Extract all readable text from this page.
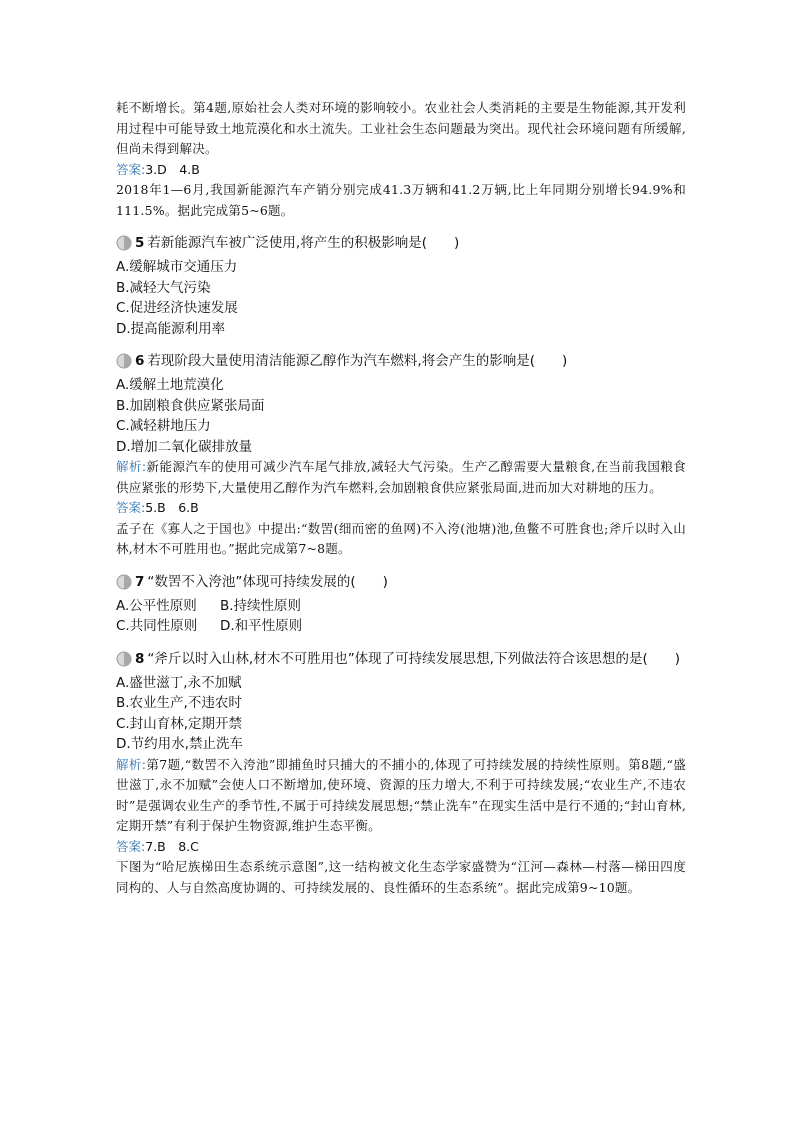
耗不断增长。第4题,原始社会人类对环境的影响较小。农业社会人类消耗的主要是生物能源,其开发利用过程中可能导致土地荒漠化和水土流失。工业社会生态问题最为突出。现代社会环境问题有所缓解,但尚未得到解决。

答案:3.D　4.B

2018年1—6月,我国新能源汽车产销分别完成41.3万辆和41.2万辆,比上年同期分别增长94.9%和111.5%。据此完成第5~6题。

5 若新能源汽车被广泛使用,将产生的积极影响是(　　)

A.缓解城市交通压力

B.减轻大气污染

C.促进经济快速发展

D.提高能源利用率

6 若现阶段大量使用清洁能源乙醇作为汽车燃料,将会产生的影响是(　　)

A.缓解土地荒漠化

B.加剧粮食供应紧张局面

C.减轻耕地压力

D.增加二氧化碳排放量

解析:新能源汽车的使用可减少汽车尾气排放,减轻大气污染。生产乙醇需要大量粮食,在当前我国粮食供应紧张的形势下,大量使用乙醇作为汽车燃料,会加剧粮食供应紧张局面,进而加大对耕地的压力。

答案:5.B　6.B

孟子在《寡人之于国也》中提出:“数罟(细而密的鱼网)不入洿(池塘)池,鱼鳖不可胜食也;斧斤以时入山林,材木不可胜用也。”据此完成第7~8题。

7 “数罟不入洿池”体现可持续发展的(　　)
A.公平性原则	B.持续性原则
C.共同性原则	D.和平性原则
8 “斧斤以时入山林,材木不可胜用也”体现了可持续发展思想,下列做法符合该思想的是(　　)

A.盛世滋丁,永不加赋

B.农业生产,不违农时

C.封山育林,定期开禁

D.节约用水,禁止洗车

解析:第7题,“数罟不入洿池”即捕鱼时只捕大的不捕小的,体现了可持续发展的持续性原则。第8题,“盛世滋丁,永不加赋”会使人口不断增加,使环境、资源的压力增大,不利于可持续发展;“农业生产,不违农时”是强调农业生产的季节性,不属于可持续发展思想;“禁止洗车”在现实生活中是行不通的;“封山育林,定期开禁”有利于保护生物资源,维护生态平衡。

答案:7.B　8.C

下图为“哈尼族梯田生态系统示意图”,这一结构被文化生态学家盛赞为“江河—森林—村落—梯田四度同构的、人与自然高度协调的、可持续发展的、良性循环的生态系统”。据此完成第9~10题。
